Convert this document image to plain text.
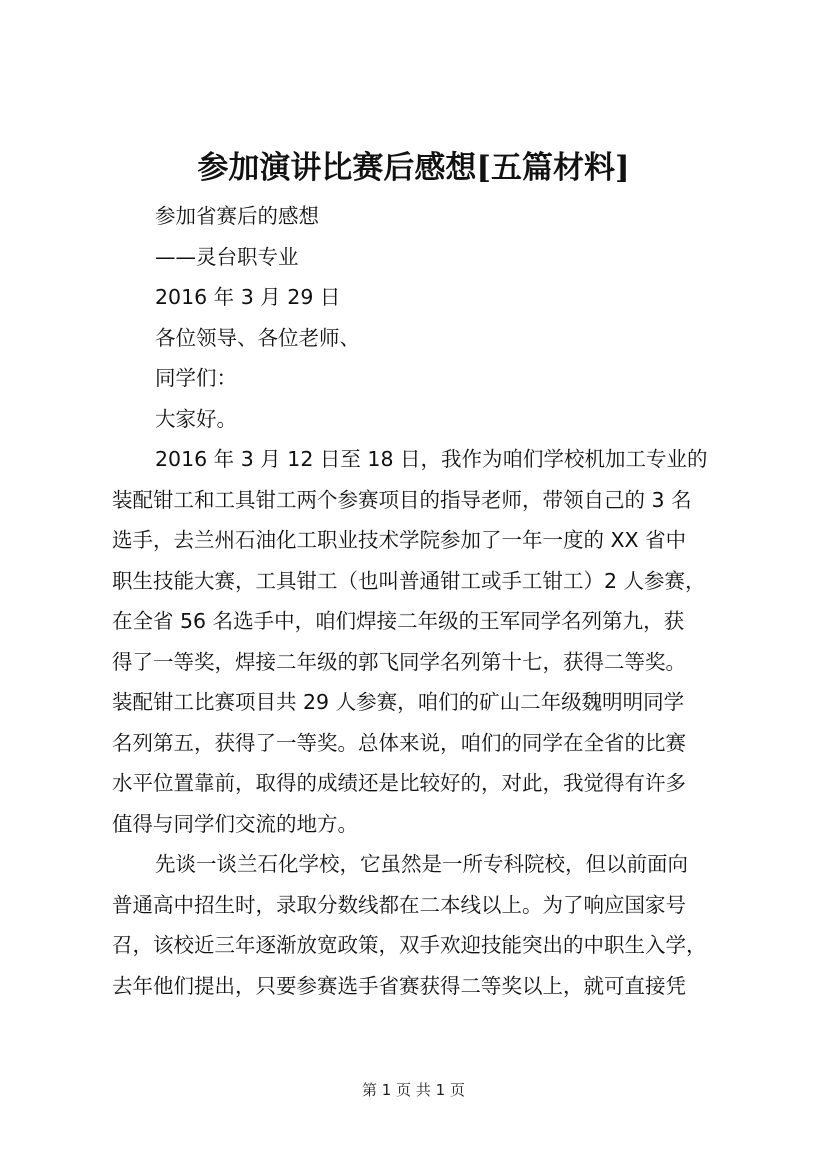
参加演讲比赛后感想[五篇材料]
参加省赛后的感想
——灵台职专业
2016 年 3 月 29 日
各位领导、各位老师、
同学们：
大家好。
2016 年 3 月 12 日至 18 日，我作为咱们学校机加工专业的
装配钳工和工具钳工两个参赛项目的指导老师，带领自己的 3 名
选手，去兰州石油化工职业技术学院参加了一年一度的 XX 省中
职生技能大赛，工具钳工（也叫普通钳工或手工钳工）2 人参赛，
在全省 56 名选手中，咱们焊接二年级的王军同学名列第九，获
得了一等奖，焊接二年级的郭飞同学名列第十七，获得二等奖。
装配钳工比赛项目共 29 人参赛，咱们的矿山二年级魏明明同学
名列第五，获得了一等奖。总体来说，咱们的同学在全省的比赛
水平位置靠前，取得的成绩还是比较好的，对此，我觉得有许多
值得与同学们交流的地方。
先谈一谈兰石化学校，它虽然是一所专科院校，但以前面向
普通高中招生时，录取分数线都在二本线以上。为了响应国家号
召，该校近三年逐渐放宽政策，双手欢迎技能突出的中职生入学，
去年他们提出，只要参赛选手省赛获得二等奖以上，就可直接凭
第 1 页 共 1 页
